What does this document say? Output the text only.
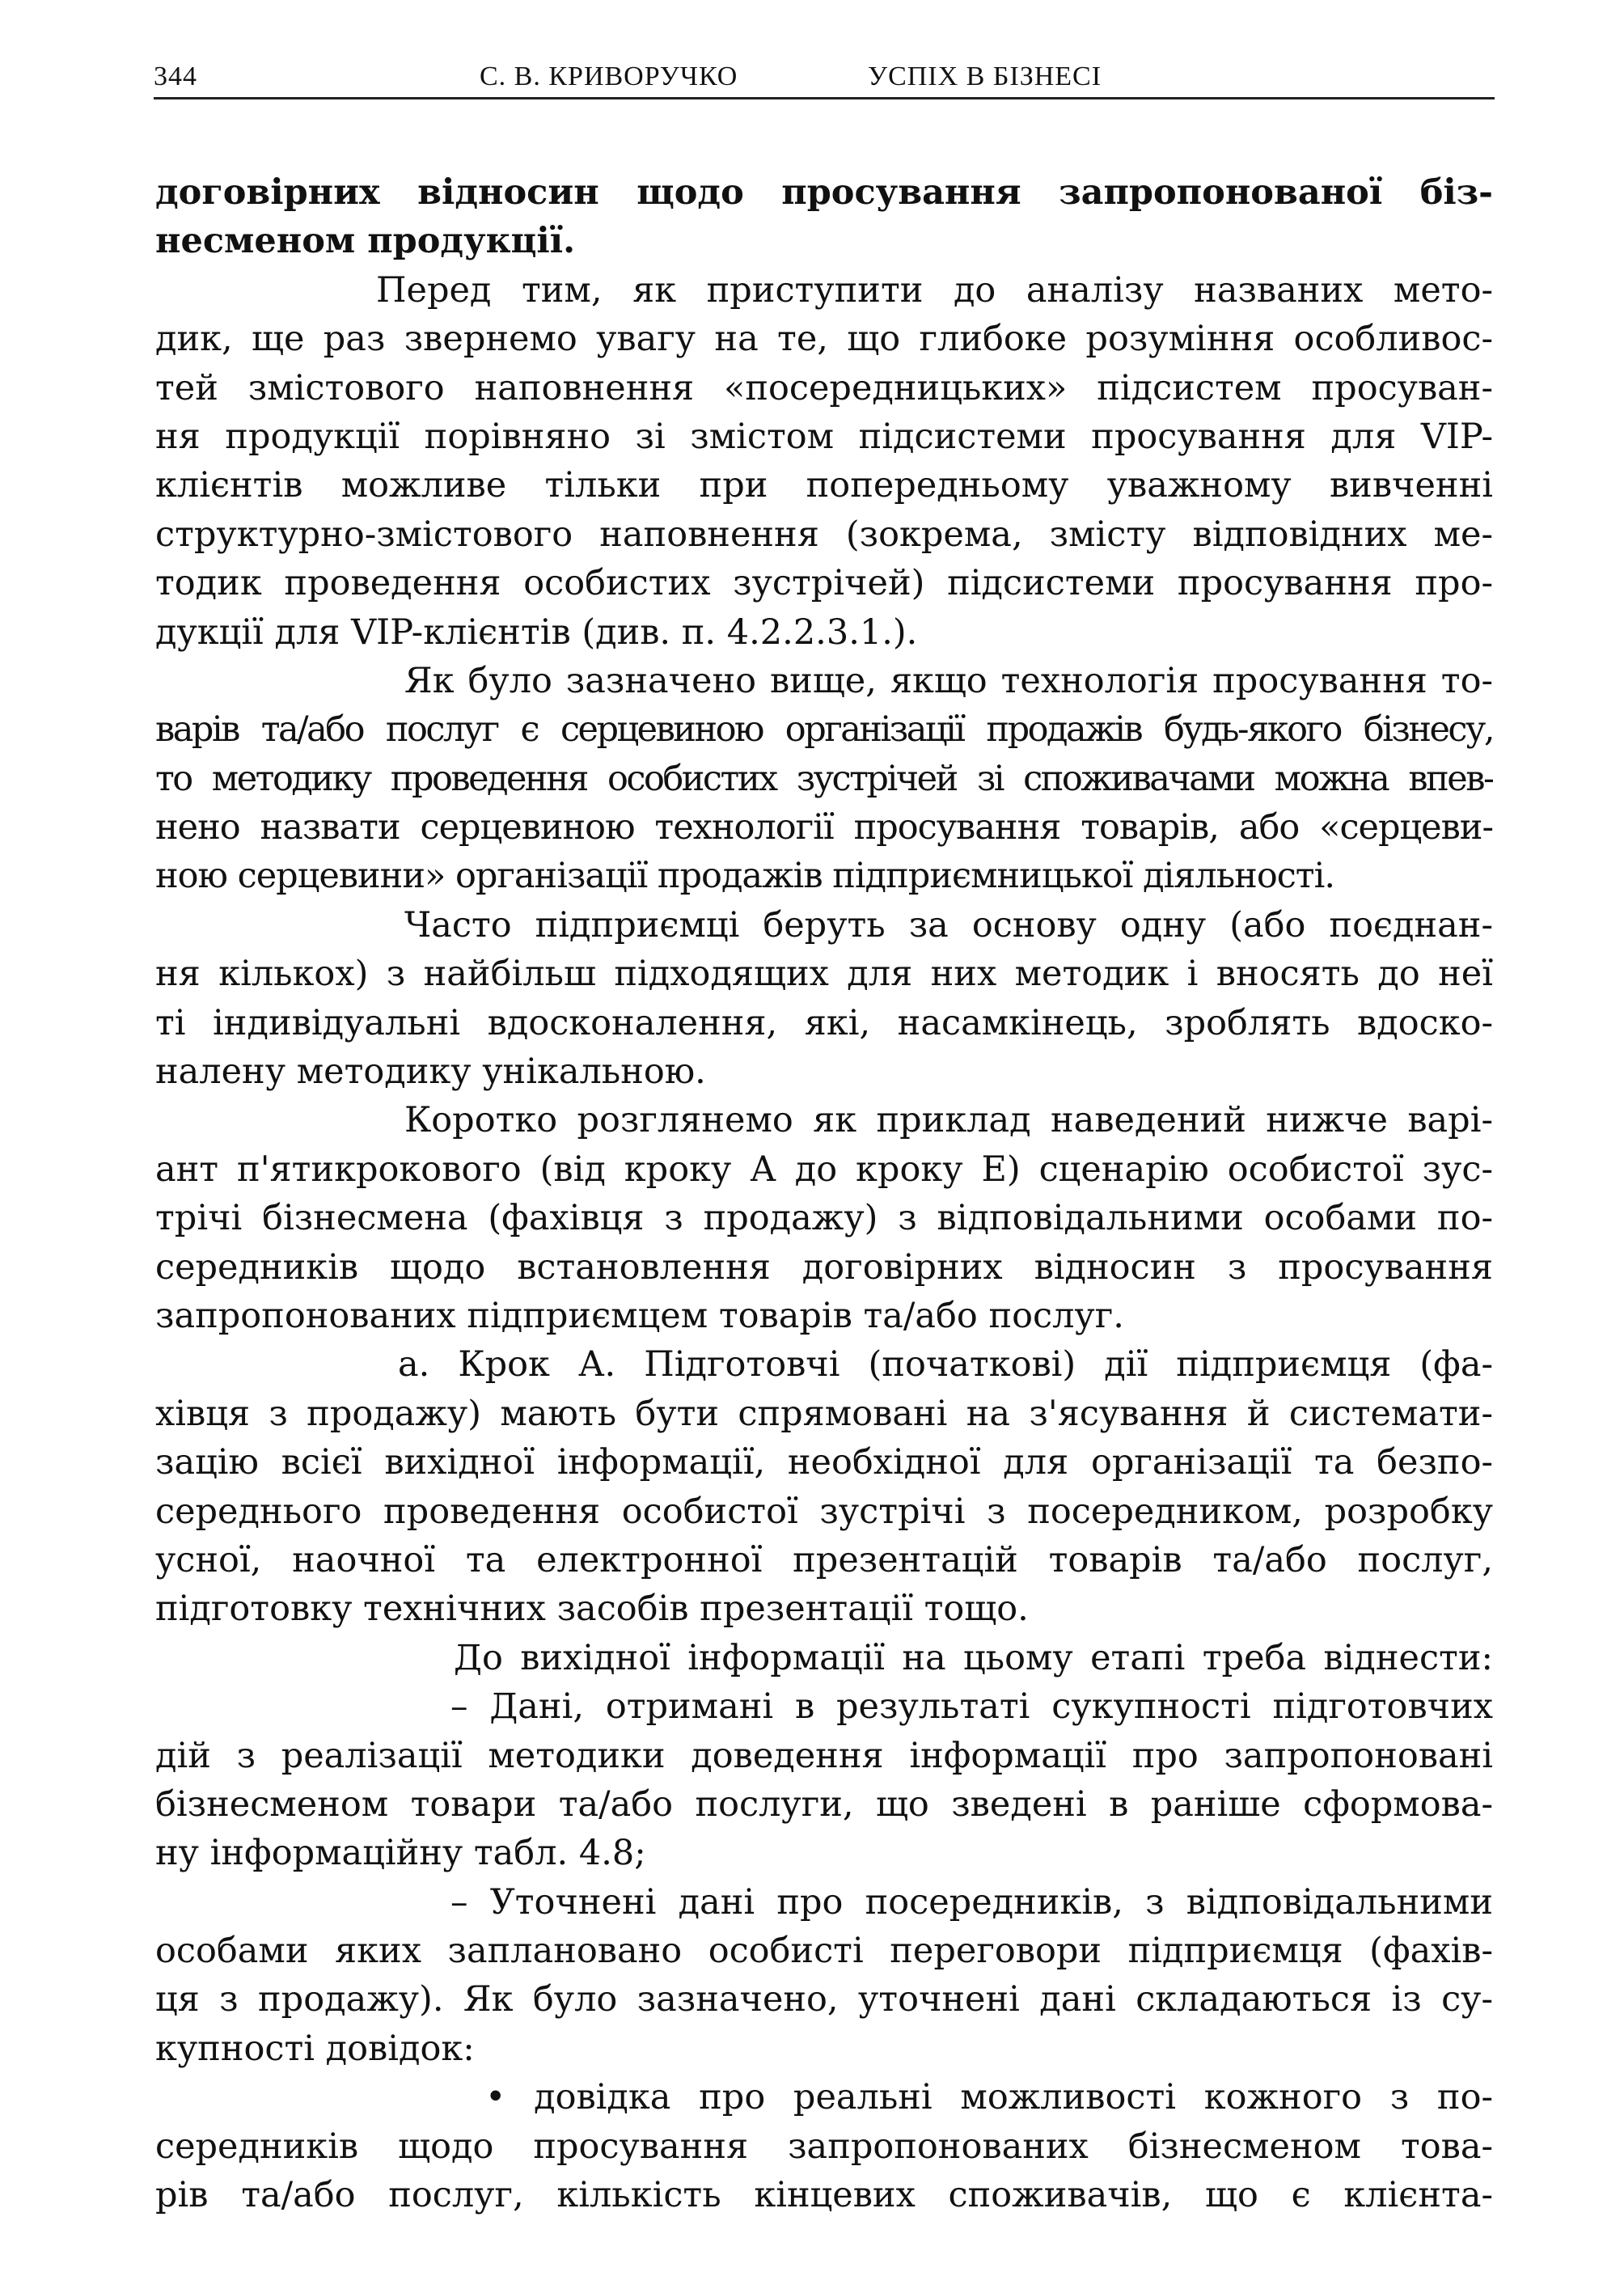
344	С. В. КРИВОРУЧКО	УСПІХ В БІЗНЕСІ
договірних відносин щодо просування запропонованої біз-
несменом продукції.
Перед тим, як приступити до аналізу названих мето-
дик, ще раз звернемо увагу на те, що глибоке розуміння особливос-
тей змістового наповнення «посередницьких» підсистем просуван-
ня продукції порівняно зі змістом підсистеми просування для VIP-
клієнтів можливе тільки при попередньому уважному вивченні
структурно-змістового наповнення (зокрема, змісту відповідних ме-
тодик проведення особистих зустрічей) підсистеми просування про-
дукції для VIP-клієнтів (див. п. 4.2.2.3.1.).
Як було зазначено вище, якщо технологія просування то-
варів та/або послуг є серцевиною організації продажів будь-якого бізнесу,
то методику проведення особистих зустрічей зі споживачами можна впев-
нено назвати серцевиною технології просування товарів, або «серцеви-
ною серцевини» організації продажів підприємницької діяльності.
Часто підприємці беруть за основу одну (або поєднан-
ня кількох) з найбільш підходящих для них методик і вносять до неї
ті індивідуальні вдосконалення, які, насамкінець, зроблять вдоско-
налену методику унікальною.
Коротко розглянемо як приклад наведений нижче варі-
ант п'ятикрокового (від кроку А до кроку Е) сценарію особистої зус-
трічі бізнесмена (фахівця з продажу) з відповідальними особами по-
середників щодо встановлення договірних відносин з просування
запропонованих підприємцем товарів та/або послуг.
а. Крок А. Підготовчі (початкові) дії підприємця (фа-
хівця з продажу) мають бути спрямовані на з'ясування й системати-
зацію всієї вихідної інформації, необхідної для організації та безпо-
середнього проведення особистої зустрічі з посередником, розробку
усної, наочної та електронної презентацій товарів та/або послуг,
підготовку технічних засобів презентації тощо.
До вихідної інформації на цьому етапі треба віднести:
– Дані, отримані в результаті сукупності підготовчих
дій з реалізації методики доведення інформації про запропоновані
бізнесменом товари та/або послуги, що зведені в раніше сформова-
ну інформаційну табл. 4.8;
– Уточнені дані про посередників, з відповідальними
особами яких заплановано особисті переговори підприємця (фахів-
ця з продажу). Як було зазначено, уточнені дані складаються із су-
купності довідок:
• довідка про реальні можливості кожного з по-
середників щодо просування запропонованих бізнесменом това-
рів та/або послуг, кількість кінцевих споживачів, що є клієнта-
